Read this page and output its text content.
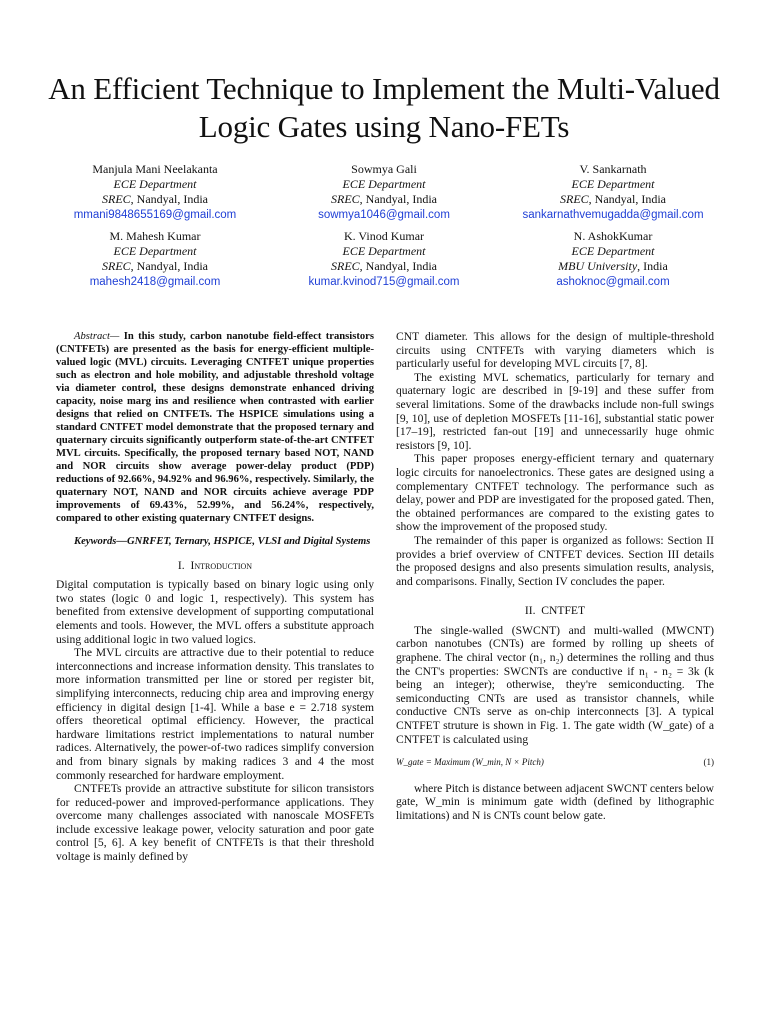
An Efficient Technique to Implement the Multi-Valued Logic Gates using Nano-FETs
Manjula Mani Neelakanta
ECE Department
SREC, Nandyal, India
mmani9848655169@gmail.com
Sowmya Gali
ECE Department
SREC, Nandyal, India
sowmya1046@gmail.com
V. Sankarnath
ECE Department
SREC, Nandyal, India
sankarnathvemugadda@gmail.com
M. Mahesh Kumar
ECE Department
SREC, Nandyal, India
mahesh2418@gmail.com
K. Vinod Kumar
ECE Department
SREC, Nandyal, India
kumar.kvinod715@gmail.com
N. AshokKumar
ECE Department
MBU University, India
ashoknoc@gmail.com

Abstract— In this study, carbon nanotube field-effect transistors (CNTFETs) are presented as the basis for energy-efficient multiple-valued logic (MVL) circuits. Leveraging CNTFET unique properties such as electron and hole mobility, and adjustable threshold voltage via diameter control, these designs demonstrate enhanced driving capacity, noise marg ins and resilience when contrasted with earlier designs that relied on CNTFETs. The HSPICE simulations using a standard CNTFET model demonstrate that the proposed ternary and quaternary circuits significantly outperform state-of-the-art CNTFET MVL circuits. Specifically, the proposed ternary based NOT, NAND and NOR circuits show average power-delay product (PDP) reductions of 92.66%, 94.92% and 96.96%, respectively. Similarly, the quaternary NOT, NAND and NOR circuits achieve average PDP improvements of 69.43%, 52.99%, and 56.24%, respectively, compared to other existing quaternary CNTFET designs.

Keywords—GNRFET, Ternary, HSPICE, VLSI and Digital Systems

I. Introduction

Digital computation is typically based on binary logic using only two states (logic 0 and logic 1, respectively). This system has benefited from extensive development of supporting computational elements and tools. However, the MVL offers a substitute approach using additional logic in two valued logics.

The MVL circuits are attractive due to their potential to reduce interconnections and increase information density. This translates to more information transmitted per line or stored per register bit, simplifying interconnects, reducing chip area and improving energy efficiency in digital design [1-4]. While a base e = 2.718 system offers theoretical optimal efficiency. However, the practical hardware limitations restrict implementations to natural number radices. Alternatively, the power-of-two radices simplify conversion and from binary signals by making radices 3 and 4 the most commonly researched for hardware employment.

CNTFETs provide an attractive substitute for silicon transistors for reduced-power and improved-performance applications. They overcome many challenges associated with nanoscale MOSFETs include excessive leakage power, velocity saturation and poor gate control [5, 6]. A key benefit of CNTFETs is that their threshold voltage is mainly defined by

CNT diameter. This allows for the design of multiple-threshold circuits using CNTFETs with varying diameters which is particularly useful for developing MVL circuits [7, 8].

The existing MVL schematics, particularly for ternary and quaternary logic are described in [9-19] and these suffer from several limitations. Some of the drawbacks include non-full swings [9, 10], use of depletion MOSFETs [11-16], substantial static power [17–19], restricted fan-out [19] and unnecessarily huge ohmic resistors [9, 10].

This paper proposes energy-efficient ternary and quaternary logic circuits for nanoelectronics. These gates are designed using a complementary CNTFET technology. The performance such as delay, power and PDP are investigated for the proposed gated. Then, the obtained performances are compared to the existing gates to show the improvement of the proposed study.

The remainder of this paper is organized as follows: Section II provides a brief overview of CNTFET devices. Section III details the proposed designs and also presents simulation results, analysis, and comparisons. Finally, Section IV concludes the paper.

II. CNTFET

The single-walled (SWCNT) and multi-walled (MWCNT) carbon nanotubes (CNTs) are formed by rolling up sheets of graphene. The chiral vector (n₁, n₂) determines the rolling and thus the CNT's properties: SWCNTs are conductive if n₁ - n₂ = 3k (k being an integer); otherwise, they're semiconducting. The semiconducting CNTs are used as transistor channels, while conductive CNTs serve as on-chip interconnects [3]. A typical CNTFET struture is shown in Fig. 1. The gate width (W_gate) of a CNTFET is calculated using

W_gate = Maximum (W_min, N × Pitch)	(1)

where Pitch is distance between adjacent SWCNT centers below gate, W_min is minimum gate width (defined by lithographic limitations) and N is CNTs count below gate.
